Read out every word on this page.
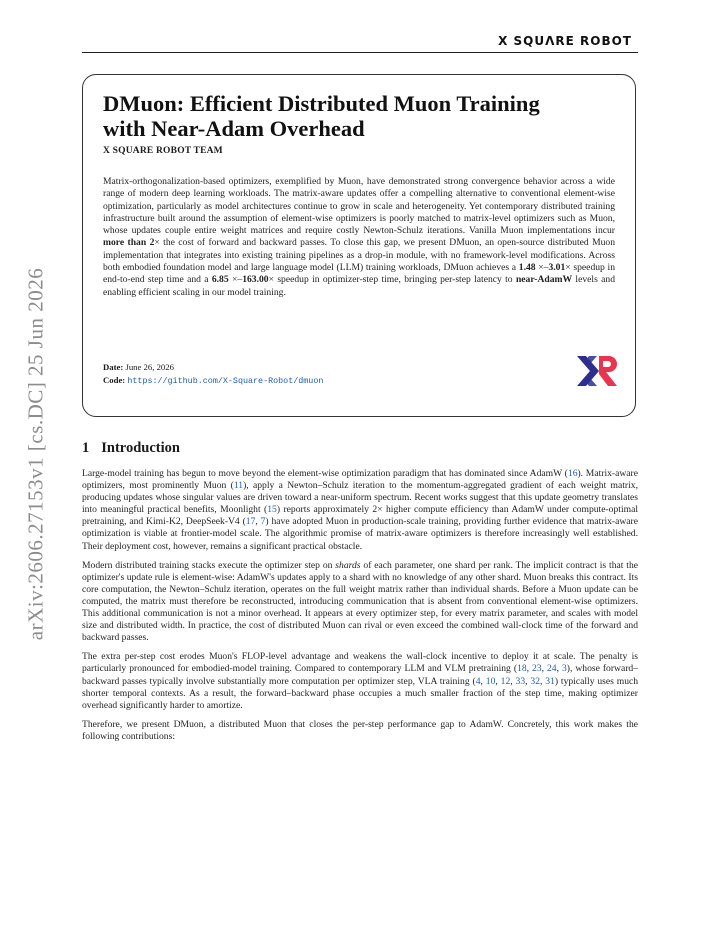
X SQUΛRE ROBOT
arXiv:2606.27153v1 [cs.DC] 25 Jun 2026
DMuon: Efficient Distributed Muon Training
with Near-Adam Overhead
X SQUARE ROBOT TEAM
Matrix-orthogonalization-based optimizers, exemplified by Muon, have demonstrated strong convergence behavior across a wide range of modern deep learning workloads. The matrix-aware updates offer a compelling alternative to conventional element-wise optimization, particularly as model architectures continue to grow in scale and heterogeneity. Yet contemporary distributed training infrastructure built around the assumption of element-wise optimizers is poorly matched to matrix-level optimizers such as Muon, whose updates couple entire weight matrices and require costly Newton-Schulz iterations. Vanilla Muon implementations incur more than 2× the cost of forward and backward passes. To close this gap, we present DMuon, an open-source distributed Muon implementation that integrates into existing training pipelines as a drop-in module, with no framework-level modifications. Across both embodied foundation model and large language model (LLM) training workloads, DMuon achieves a 1.48 ×–3.01× speedup in end-to-end step time and a 6.85 ×–163.00× speedup in optimizer-step time, bringing per-step latency to near-AdamW levels and enabling efficient scaling in our model training.
Date: June 26, 2026
Code: https://github.com/X-Square-Robot/dmuon
1 Introduction

Large-model training has begun to move beyond the element-wise optimization paradigm that has dominated since AdamW (16). Matrix-aware optimizers, most prominently Muon (11), apply a Newton–Schulz iteration to the momentum-aggregated gradient of each weight matrix, producing updates whose singular values are driven toward a near-uniform spectrum. Recent works suggest that this update geometry translates into meaningful practical benefits, Moonlight (15) reports approximately 2× higher compute efficiency than AdamW under compute-optimal pretraining, and Kimi-K2, DeepSeek-V4 (17, 7) have adopted Muon in production-scale training, providing further evidence that matrix-aware optimization is viable at frontier-model scale. The algorithmic promise of matrix-aware optimizers is therefore increasingly well established. Their deployment cost, however, remains a significant practical obstacle.

Modern distributed training stacks execute the optimizer step on shards of each parameter, one shard per rank. The implicit contract is that the optimizer's update rule is element-wise: AdamW's updates apply to a shard with no knowledge of any other shard. Muon breaks this contract. Its core computation, the Newton–Schulz iteration, operates on the full weight matrix rather than individual shards. Before a Muon update can be computed, the matrix must therefore be reconstructed, introducing communication that is absent from conventional element-wise optimizers. This additional communication is not a minor overhead. It appears at every optimizer step, for every matrix parameter, and scales with model size and distributed width. In practice, the cost of distributed Muon can rival or even exceed the combined wall-clock time of the forward and backward passes.

The extra per-step cost erodes Muon's FLOP-level advantage and weakens the wall-clock incentive to deploy it at scale. The penalty is particularly pronounced for embodied-model training. Compared to contemporary LLM and VLM pretraining (18, 23, 24, 3), whose forward–backward passes typically involve substantially more computation per optimizer step, VLA training (4, 10, 12, 33, 32, 31) typically uses much shorter temporal contexts. As a result, the forward–backward phase occupies a much smaller fraction of the step time, making optimizer overhead significantly harder to amortize.

Therefore, we present DMuon, a distributed Muon that closes the per-step performance gap to AdamW. Concretely, this work makes the following contributions:
